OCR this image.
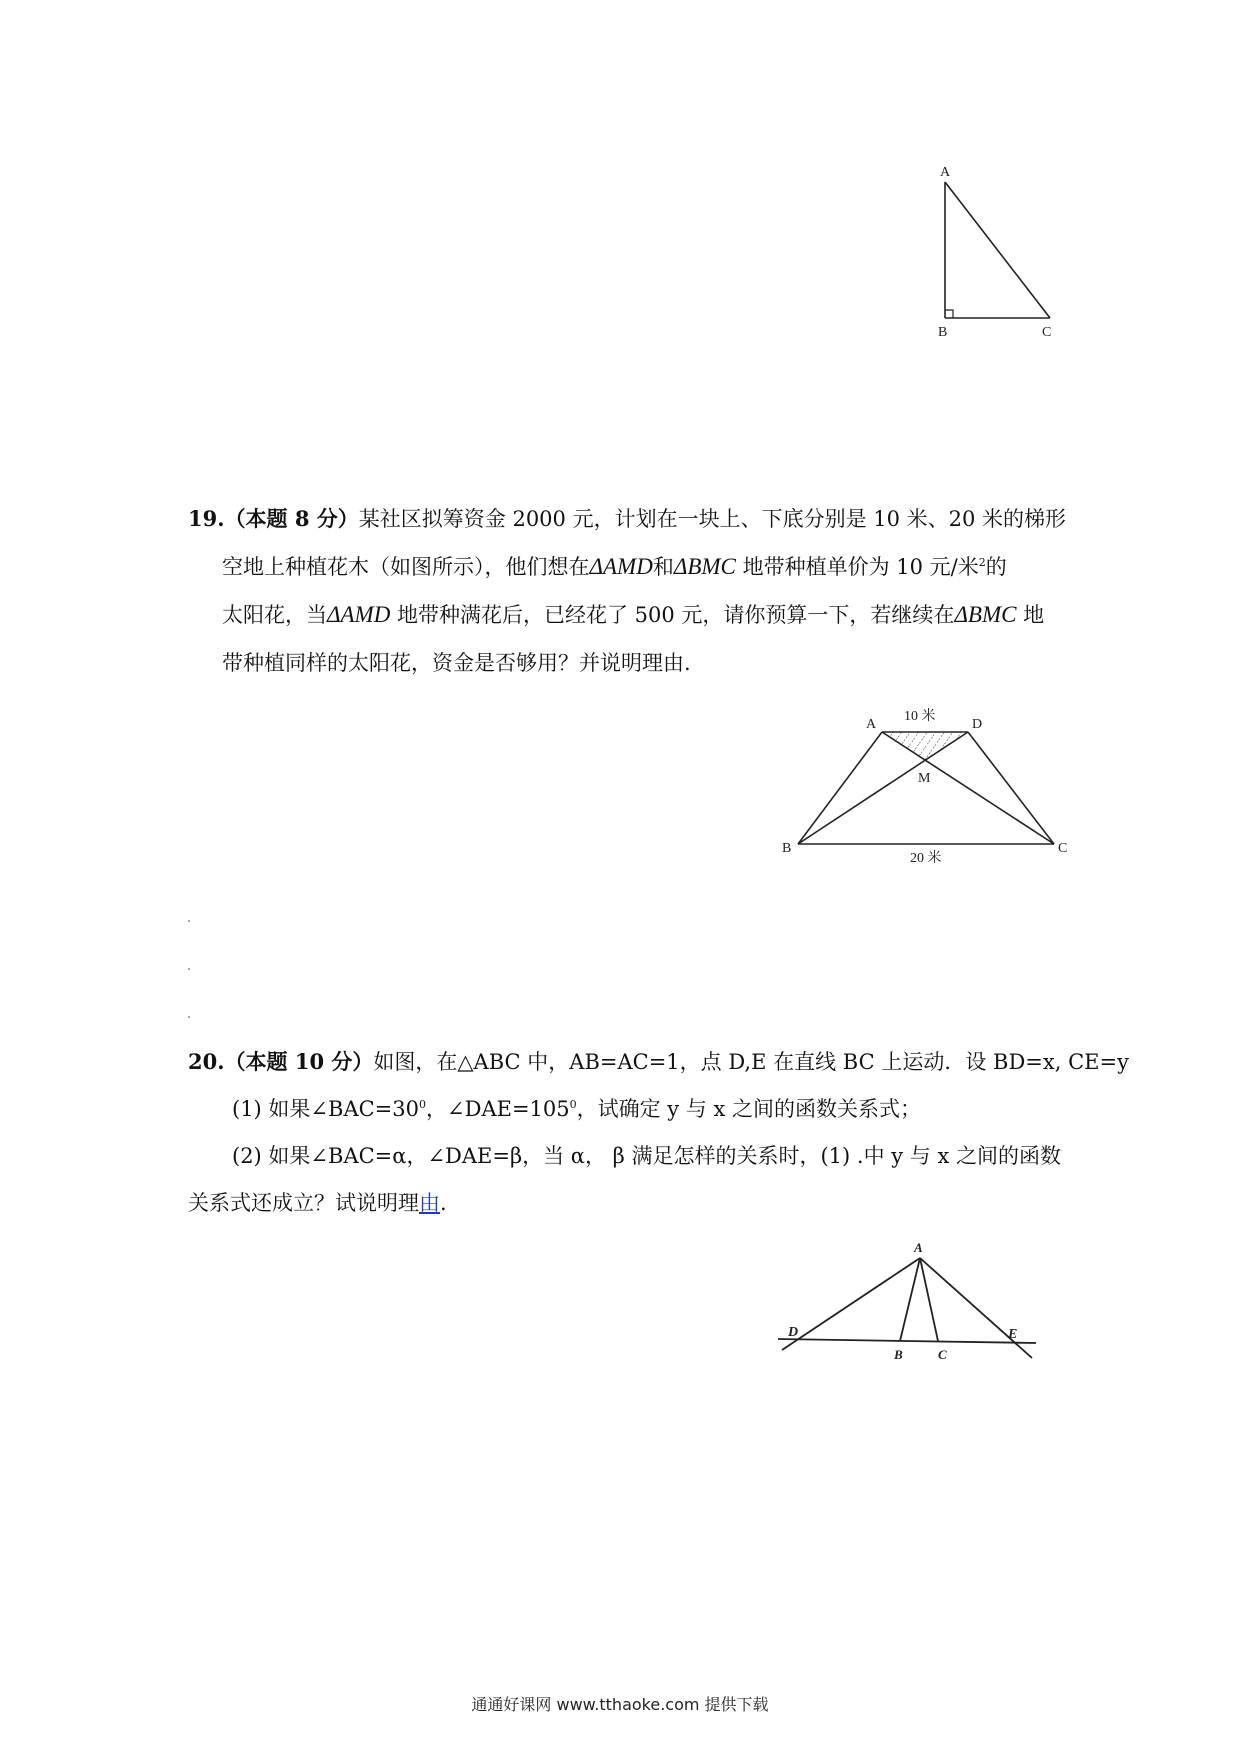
A
B	C
19.（本题 8 分）某社区拟筹资金 2000 元，计划在一块上、下底分别是 10 米、20 米的梯形
空地上种植花木（如图所示），他们想在ΔAMD和ΔBMC 地带种植单价为 10 元/米$^2$的
太阳花，当ΔAMD 地带种满花后，已经花了 500 元，请你预算一下，若继续在ΔBMC 地
带种植同样的太阳花，资金是否够用？并说明理由.
A	D
M
B	C
10 米
20 米
20.（本题 10 分）如图，在△ABC 中，AB=AC=1，点 D,E 在直线 BC 上运动．设 BD=x, CE=y
(1) 如果$\angle BAC=30^0$，$\angle DAE=105^0$，试确定 y 与 x 之间的函数关系式；
(2) 如果∠BAC=α，∠DAE=β，当 α， β 满足怎样的关系时，(1) .中 y 与 x 之间的函数
关系式还成立？试说明理由.
A
D
B	C
E
通通好课网 www.tthaoke.com 提供下载
